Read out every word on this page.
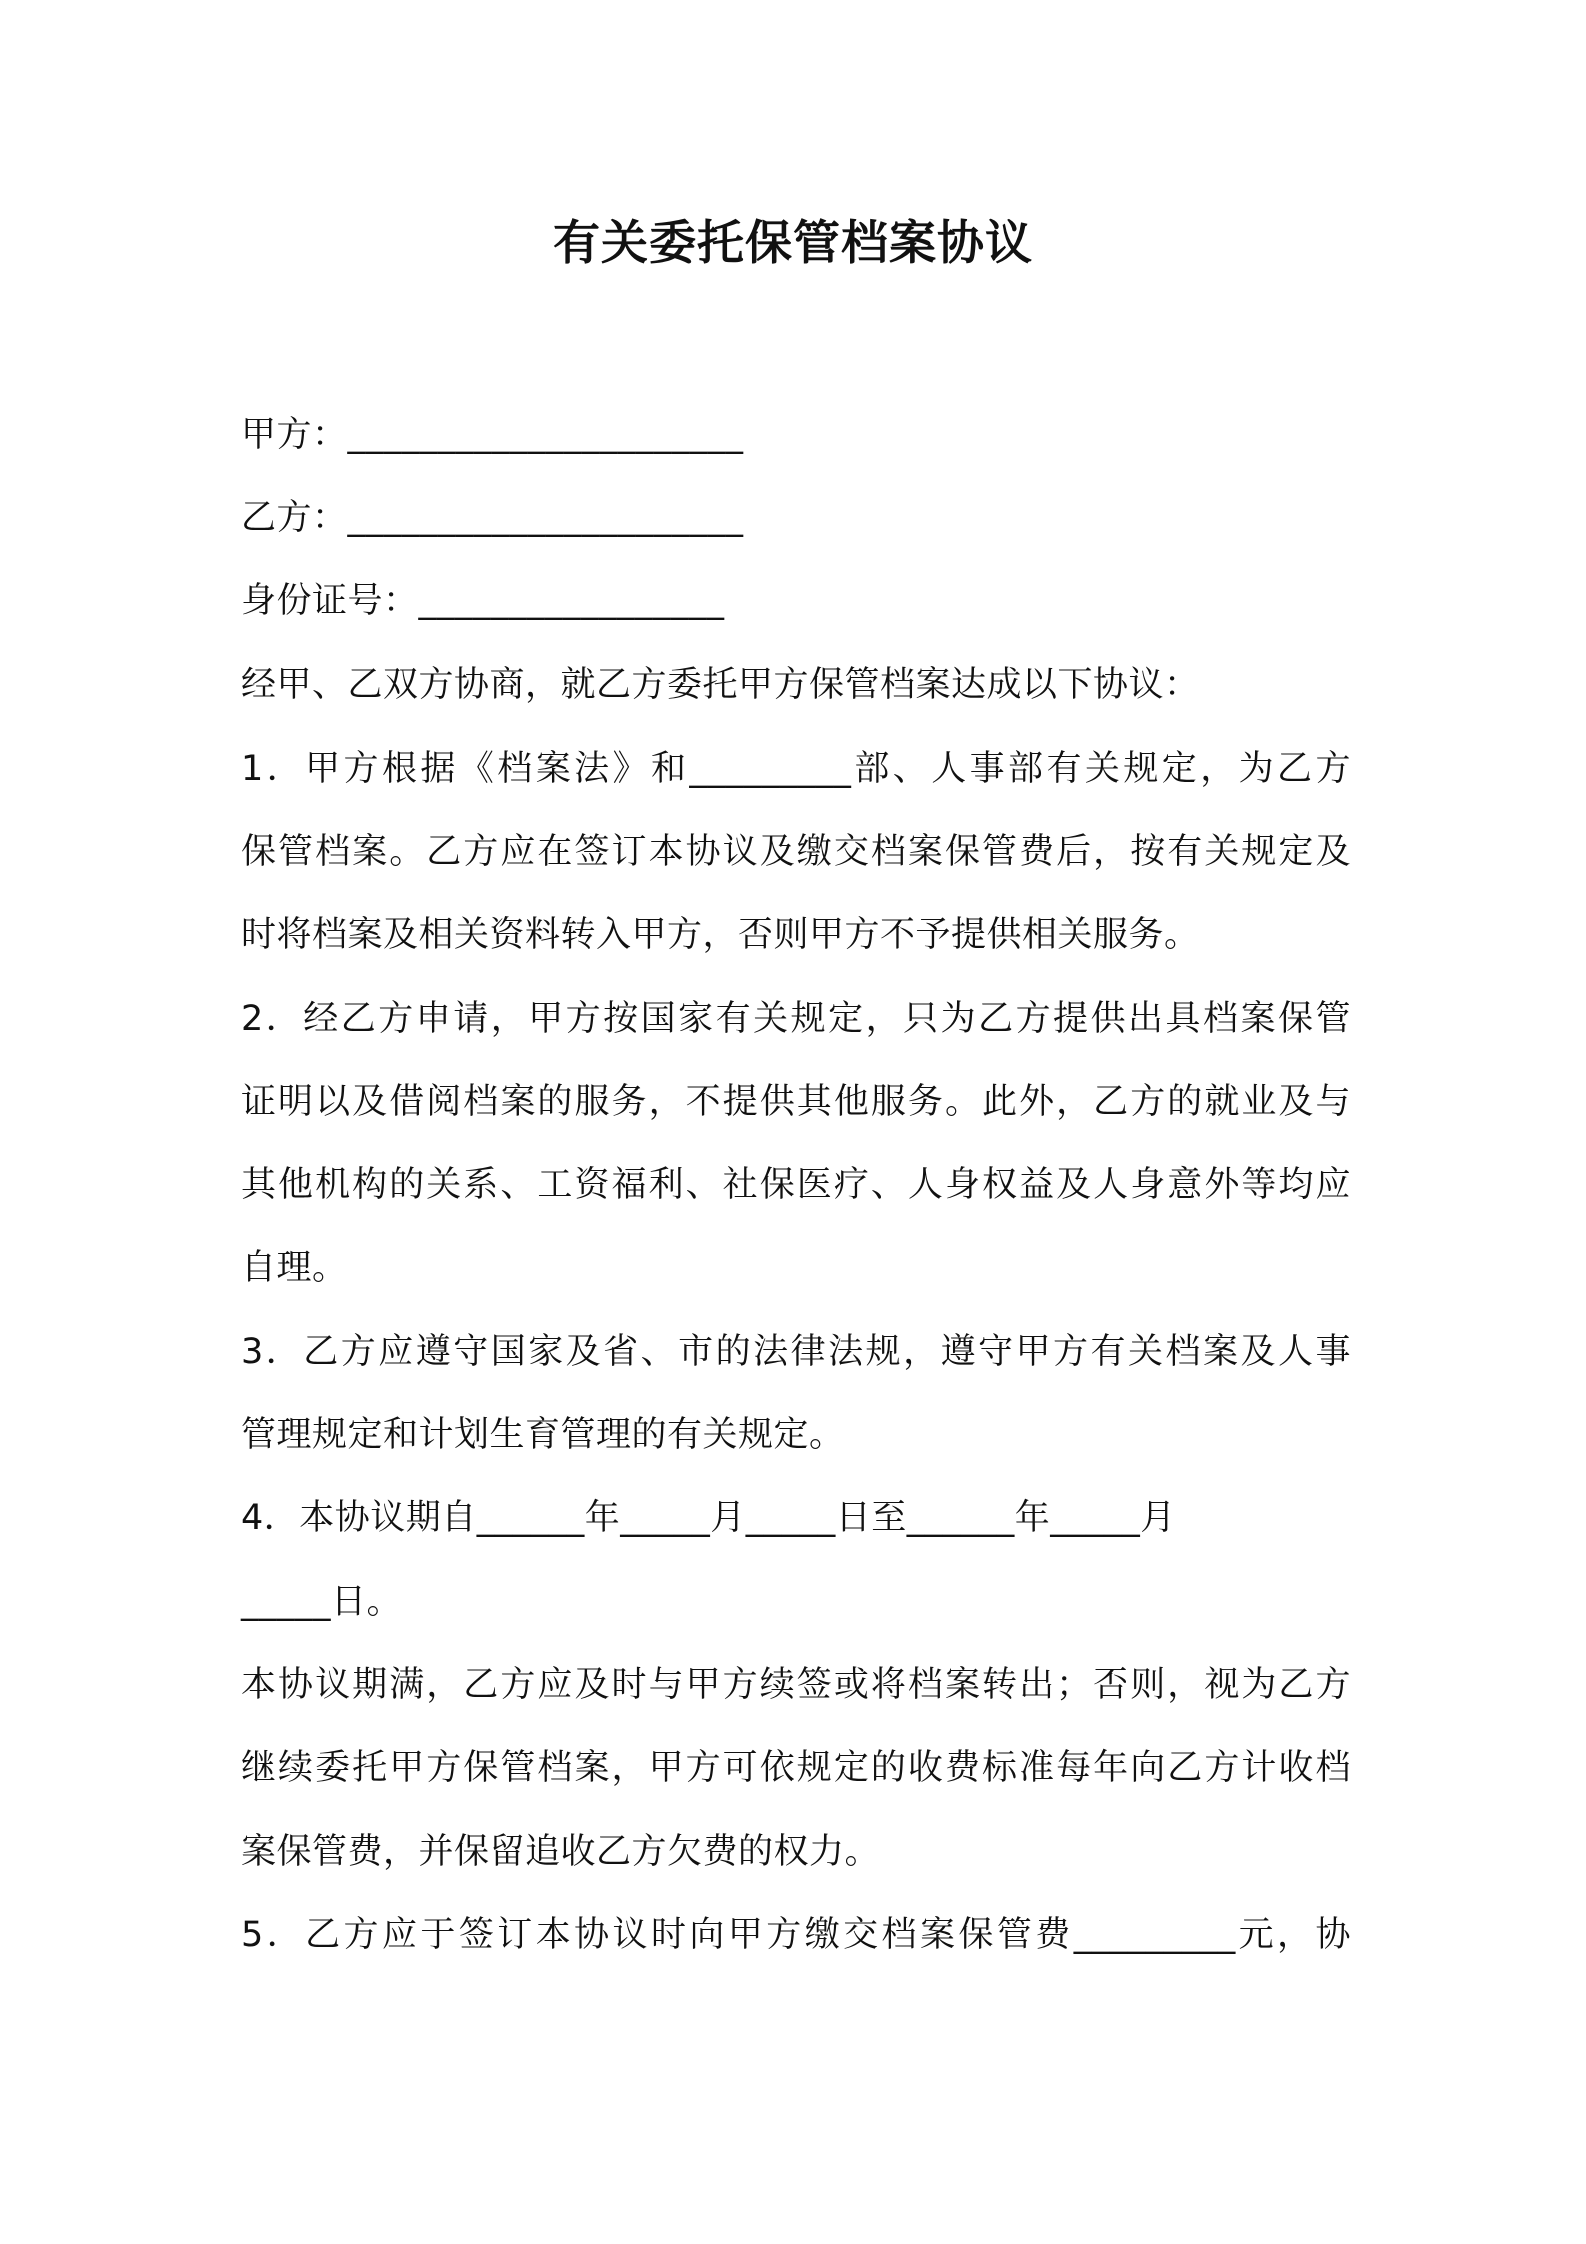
有关委托保管档案协议
甲方：______________________
乙方：______________________
身份证号：_________________
经甲、乙双方协商，就乙方委托甲方保管档案达成以下协议：
1．甲方根据《档案法》和_________部、人事部有关规定，为乙方
保管档案。乙方应在签订本协议及缴交档案保管费后，按有关规定及
时将档案及相关资料转入甲方，否则甲方不予提供相关服务。
2．经乙方申请，甲方按国家有关规定，只为乙方提供出具档案保管
证明以及借阅档案的服务，不提供其他服务。此外，乙方的就业及与
其他机构的关系、工资福利、社保医疗、人身权益及人身意外等均应
自理。
3．乙方应遵守国家及省、市的法律法规，遵守甲方有关档案及人事
管理规定和计划生育管理的有关规定。
4．本协议期自______年_____月_____日至______年_____月
_____日。
本协议期满，乙方应及时与甲方续签或将档案转出；否则，视为乙方
继续委托甲方保管档案，甲方可依规定的收费标准每年向乙方计收档
案保管费，并保留追收乙方欠费的权力。
5．乙方应于签订本协议时向甲方缴交档案保管费_________元，协
